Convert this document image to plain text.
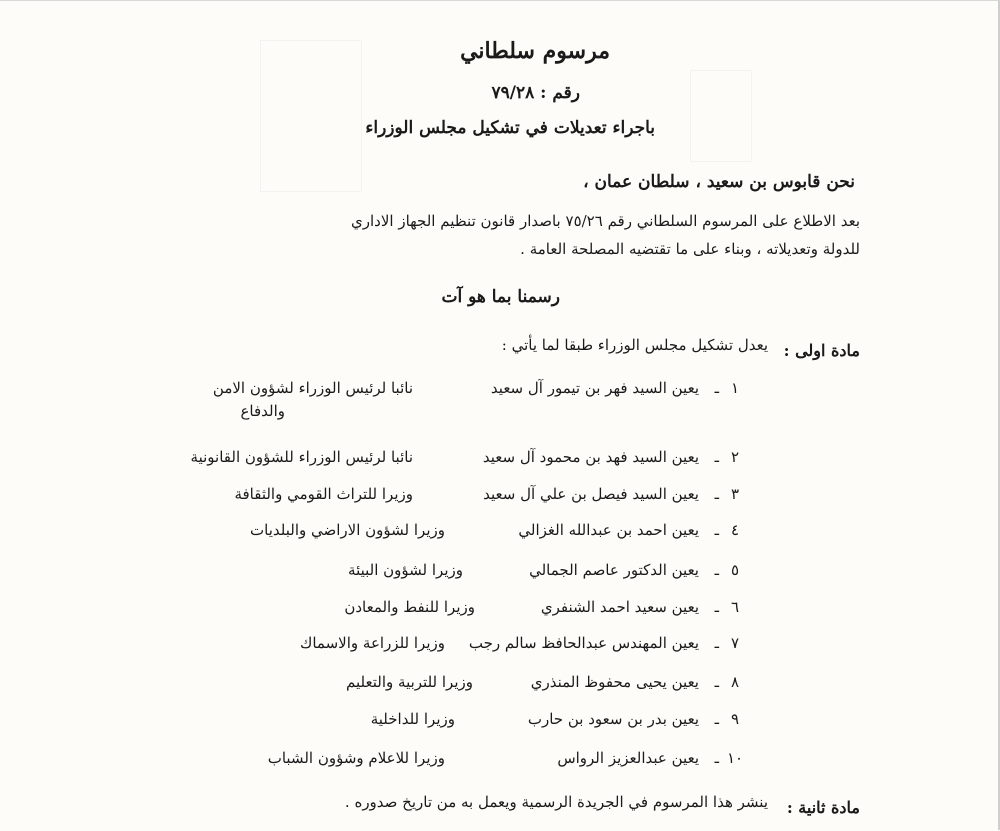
مرسوم سلطاني
رقم : ٧٩/٢٨
باجراء تعديلات في تشكيل مجلس الوزراء
نحن قابوس بن سعيد ، سلطان عمان ،
بعد الاطلاع على المرسوم السلطاني رقم ٧٥/٢٦ باصدار قانون تنظيم الجهاز الاداري
للدولة وتعديلاته ، وبناء على ما تقتضيه المصلحة العامة .
رسمنا بما هو آت
مادة اولى :
يعدل تشكيل مجلس الوزراء طبقا لما يأتي :
١
ـ
يعين السيد فهر بن تيمور آل سعيد
نائبا لرئيس الوزراء لشؤون الامن
والدفاع
٢
ـ
يعين السيد فهد بن محمود آل سعيد
نائبا لرئيس الوزراء للشؤون القانونية
٣
ـ
يعين السيد فيصل بن علي آل سعيد
وزيرا للتراث القومي والثقافة
٤
ـ
يعين احمد بن عبدالله الغزالي
وزيرا لشؤون الاراضي والبلديات
٥
ـ
يعين الدكتور عاصم الجمالي
وزيرا لشؤون البيئة
٦
ـ
يعين سعيد احمد الشنفري
وزيرا للنفط والمعادن
٧
ـ
يعين المهندس عبدالحافظ سالم رجب
وزيرا للزراعة والاسماك
٨
ـ
يعين يحيى محفوظ المنذري
وزيرا للتربية والتعليم
٩
ـ
يعين بدر بن سعود بن حارب
وزيرا للداخلية
١٠
ـ
يعين عبدالعزيز الرواس
وزيرا للاعلام وشؤون الشباب
مادة ثانية :
ينشر هذا المرسوم في الجريدة الرسمية ويعمل به من تاريخ صدوره .
